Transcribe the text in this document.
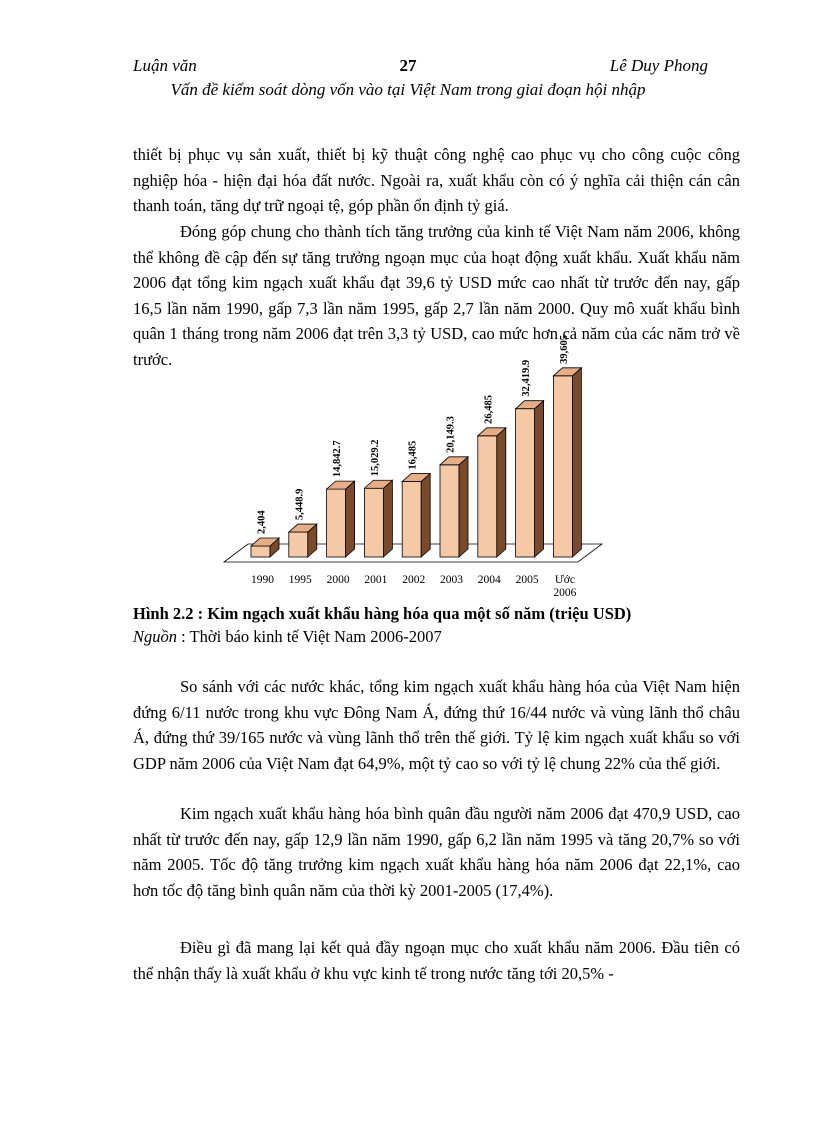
Luận văn	27	Lê Duy Phong
Vấn đề kiểm soát dòng vốn vào tại Việt Nam trong giai đoạn hội nhập

thiết bị phục vụ sản xuất, thiết bị kỹ thuật công nghệ cao phục vụ cho công cuộc công nghiệp hóa - hiện đại hóa đất nước. Ngoài ra, xuất khẩu còn có ý nghĩa cải thiện cán cân thanh toán, tăng dự trữ ngoại tệ, góp phần ổn định tỷ giá.

Đóng góp chung cho thành tích tăng trưởng của kinh tế Việt Nam năm 2006, không thể không đề cập đến sự tăng trưởng ngoạn mục của hoạt động xuất khẩu. Xuất khẩu năm 2006 đạt tổng kim ngạch xuất khẩu đạt 39,6 tỷ USD mức cao nhất từ trước đến nay, gấp 16,5 lần năm 1990, gấp 7,3 lần năm 1995, gấp 2,7 lần năm 2000. Quy mô xuất khẩu bình quân 1 tháng trong năm 2006 đạt trên 3,3 tỷ USD, cao mức hơn cả năm của các năm trở về trước.

2,404
1990
5,448.9
1995
14,842.7
2000
15,029.2
2001
16,485
2002
20,149.3
2003
26,485
2004
32,419.9
2005
39,605
Ước
2006
Hình 2.2 : Kim ngạch xuất khẩu hàng hóa qua một số năm (triệu USD)
Nguồn : Thời báo kinh tế Việt Nam 2006-2007

So sánh với các nước khác, tổng kim ngạch xuất khẩu hàng hóa của Việt Nam hiện đứng 6/11 nước trong khu vực Đông Nam Á, đứng thứ 16/44 nước và vùng lãnh thổ châu Á, đứng thứ 39/165 nước và vùng lãnh thổ trên thế giới. Tỷ lệ kim ngạch xuất khẩu so với GDP năm 2006 của Việt Nam đạt 64,9%, một tỷ cao so với tỷ lệ chung 22% của thế giới.

Kim ngạch xuất khẩu hàng hóa bình quân đầu người năm 2006 đạt 470,9 USD, cao nhất từ trước đến nay, gấp 12,9 lần năm 1990, gấp 6,2 lần năm 1995 và tăng 20,7% so với năm 2005. Tốc độ tăng trưởng kim ngạch xuất khẩu hàng hóa năm 2006 đạt 22,1%, cao hơn tốc độ tăng bình quân năm của thời kỳ 2001-2005 (17,4%).

Điều gì đã mang lại kết quả đầy ngoạn mục cho xuất khẩu năm 2006. Đầu tiên có thể nhận thấy là xuất khẩu ở khu vực kinh tế trong nước tăng tới 20,5% -
